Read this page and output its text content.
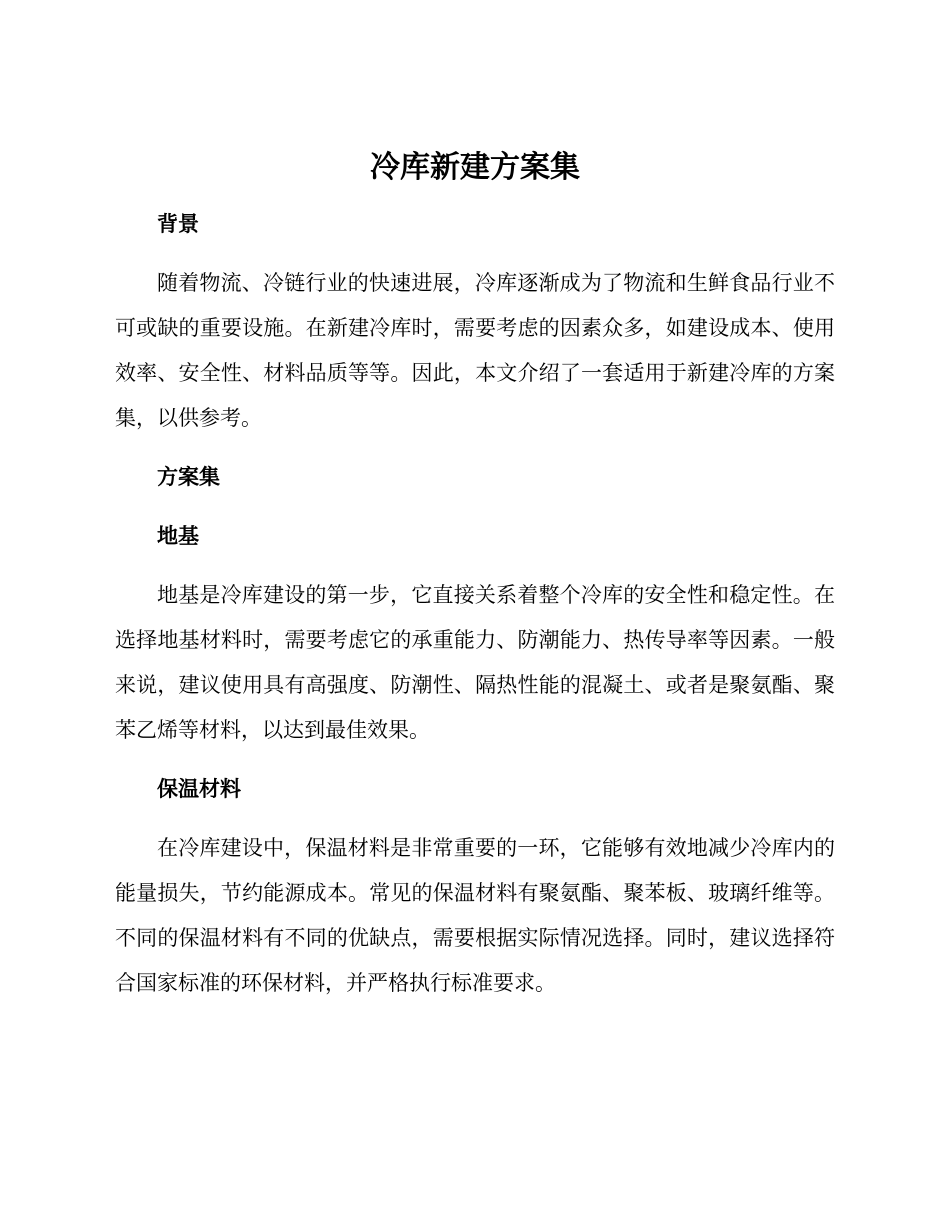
冷库新建方案集
背景

随着物流、冷链行业的快速进展，冷库逐渐成为了物流和生鲜食品行业不可或缺的重要设施。在新建冷库时，需要考虑的因素众多，如建设成本、使用效率、安全性、材料品质等等。因此，本文介绍了一套适用于新建冷库的方案集，以供参考。

方案集
地基

地基是冷库建设的第一步，它直接关系着整个冷库的安全性和稳定性。在选择地基材料时，需要考虑它的承重能力、防潮能力、热传导率等因素。一般来说，建议使用具有高强度、防潮性、隔热性能的混凝土、或者是聚氨酯、聚苯乙烯等材料，以达到最佳效果。

保温材料

在冷库建设中，保温材料是非常重要的一环，它能够有效地减少冷库内的能量损失，节约能源成本。常见的保温材料有聚氨酯、聚苯板、玻璃纤维等。不同的保温材料有不同的优缺点，需要根据实际情况选择。同时，建议选择符合国家标准的环保材料，并严格执行标准要求。
